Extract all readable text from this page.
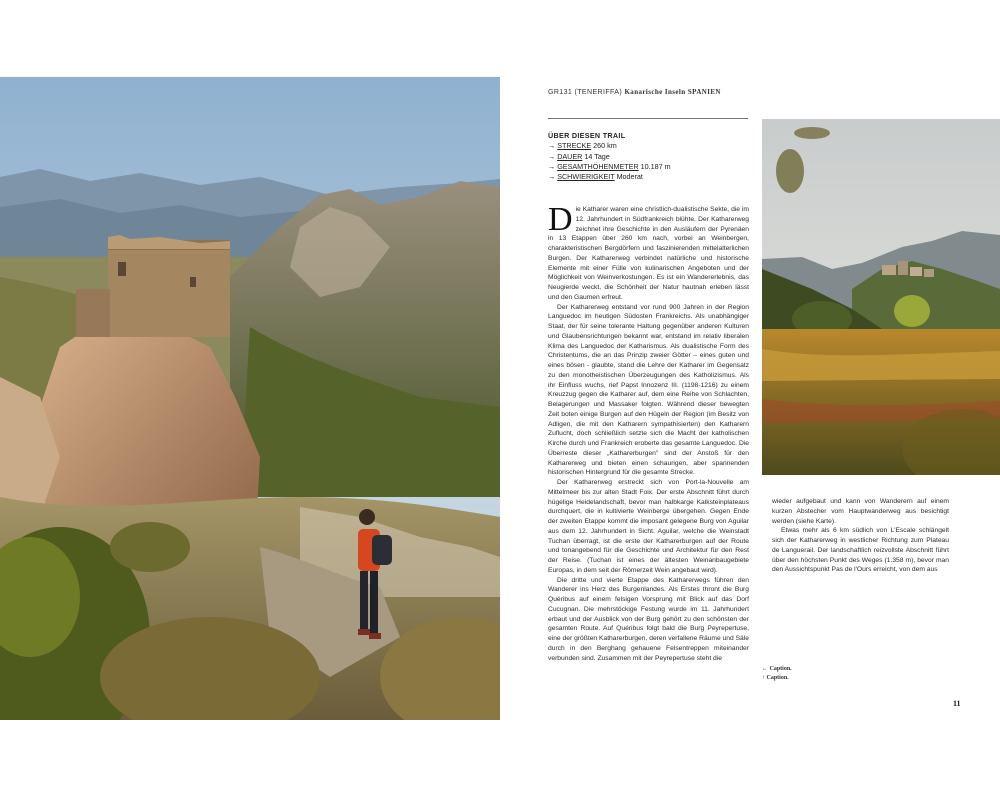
GR131 (TENERIFFA) Kanarische Inseln SPANIEN
ÜBER DIESEN TRAIL
→ STRECKE 260 km
→ DAUER 14 Tage
→ GESAMTHÖHENMETER 10.187 m
→ SCHWIERIGKEIT Moderat

Die Katharer waren eine christlich-dualistische Sekte, die im 12. Jahrhundert in Südfrankreich blühte. Der Katharerweg zeichnet ihre Geschichte in den Ausläufern der Pyrenäen in 13 Etappen über 260 km nach, vorbei an Weinbergen, charakteristischen Bergdörfern und faszinierenden mittelalterlichen Burgen. Der Katharerweg verbindet natürliche und historische Elemente mit einer Fülle von kulinarischen Angeboten und der Möglichkeit von Weinverkostungen. Es ist ein Wandererlebnis, das Neugierde weckt, die Schönheit der Natur hautnah erleben lässt und den Gaumen erfreut.

Der Katharerweg entstand vor rund 900 Jahren in der Region Languedoc im heutigen Südosten Frankreichs. Als unabhängiger Staat, der für seine tolerante Haltung gegenüber anderen Kulturen und Glaubensrichtungen bekannt war, entstand im relativ liberalen Klima des Languedoc der Katharismus. Als dualistische Form des Christentums, die an das Prinzip zweier Götter – eines guten und eines bösen - glaubte, stand die Lehre der Katharer im Gegensatz zu den monotheistischen Überzeugungen des Katholizismus. Als ihr Einfluss wuchs, rief Papst Innozenz III. (1198-1216) zu einem Kreuzzug gegen die Katharer auf, dem eine Reihe von Schlachten, Belagerungen und Massaker folgten. Während dieser bewegten Zeit boten einige Burgen auf den Hügeln der Region (im Besitz von Adligen, die mit den Katharern sympathisierten) den Katharern Zuflucht, doch schließlich setzte sich die Macht der katholischen Kirche durch und Frankreich eroberte das gesamte Languedoc. Die Überreste dieser „Katharerburgen" sind der Anstoß für den Katharerweg und bieten einen schaurigen, aber spannenden historischen Hintergrund für die gesamte Strecke.

Der Katharerweg erstreckt sich von Port-la-Nouvelle am Mittelmeer bis zur alten Stadt Foix. Der erste Abschnitt führt durch hügelige Heidelandschaft, bevor man halbkarge Kalksteinplateaus durchquert, die in kultivierte Weinberge übergehen. Gegen Ende der zweiten Etappe kommt die imposant gelegene Burg von Aguilar aus dem 12. Jahrhundert in Sicht. Aguilar, welche die Weinstadt Tuchan überragt, ist die erste der Katharerburgen auf der Route und tonangebend für die Geschichte und Architektur für den Rest der Reise. (Tuchan ist eines der ältesten Weinanbaugebiete Europas, in dem seit der Römerzeit Wein angebaut wird).

Die dritte und vierte Etappe des Katharerwegs führen den Wanderer ins Herz des Burgenlandes. Als Erstes thront die Burg Quéribus auf einem felsigen Vorsprung mit Blick auf das Dorf Cucugnan. Die mehrstöckige Festung wurde im 11. Jahrhundert erbaut und der Ausblick von der Burg gehört zu den schönsten der gesamten Route. Auf Quéribus folgt bald die Burg Peyrepertuse, eine der größten Katharerburgen, deren verfallene Räume und Säle durch in den Berghang gehauene Felsentreppen miteinander verbunden sind. Zusammen mit der Peyrepertuse steht die

wieder aufgebaut und kann von Wanderern auf einem kurzen Abstecher vom Hauptwanderweg aus besichtigt werden (siehe Karte).

Etwas mehr als 6 km südlich von L'Escale schlängelt sich der Katharerweg in westlicher Richtung zum Plateau de Languerail. Der landschaftlich reizvollste Abschnitt führt über den höchsten Punkt des Weges (1.358 m), bevor man den Aussichtspunkt Pas de l'Ours erreicht, von dem aus

← Caption.
↑ Caption.
11
